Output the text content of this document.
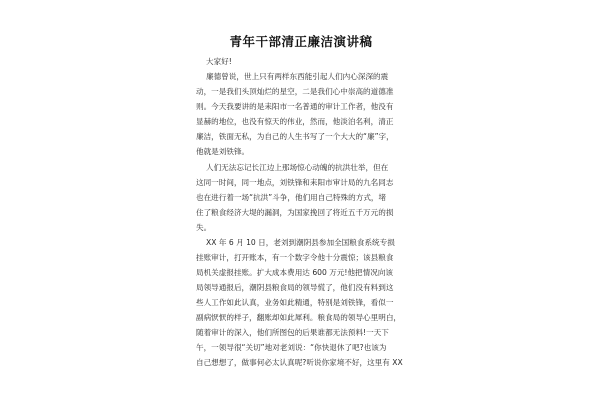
青年干部清正廉洁演讲稿
大家好!
廉德曾说，世上只有两样东西能引起人们内心深深的震
动，一是我们头顶灿烂的星空，二是我们心中崇高的道德准
则。今天我要讲的是耒阳市一名普通的审计工作者，他没有
显赫的地位，也没有惊天的伟业，然而，他淡泊名利，清正
廉洁，铁面无私，为自己的人生书写了一个大大的“廉”字，
他就是刘铁锋。
人们无法忘记长江边上那场惊心动魄的抗洪壮举，但在
这同一时间，同一地点，刘铁锋和耒阳市审计局的九名同志
也在进行着一场“抗洪”斗争，他们用自己特殊的方式，堵
住了粮食经济大堤的漏洞，为国家挽回了将近五千万元的损
失。
XX 年 6 月 10 日，老刘到潮阴县参加全国粮食系统专损
挂账审计，打开账本，有一个数字令他十分震惊；该县粮食
局机关虚报挂账。扩大成本费用达 600 万元!他把情况向该
局领导通报后，潮阴县粮食局的领导慌了，他们没有料到这
些人工作如此认真，业务如此精通，特别是刘铁锋，看似一
副病恹恹的样子，翻账却如此犀利。粮食局的领导心里明白，
随着审计的深入，他们所图包的后果谁都无法预料!一天下
午，一领导很“关切”地对老刘说：“你快退休了吧?也该为
自己想想了，做事何必太认真呢?听说你家境不好，这里有 XX
